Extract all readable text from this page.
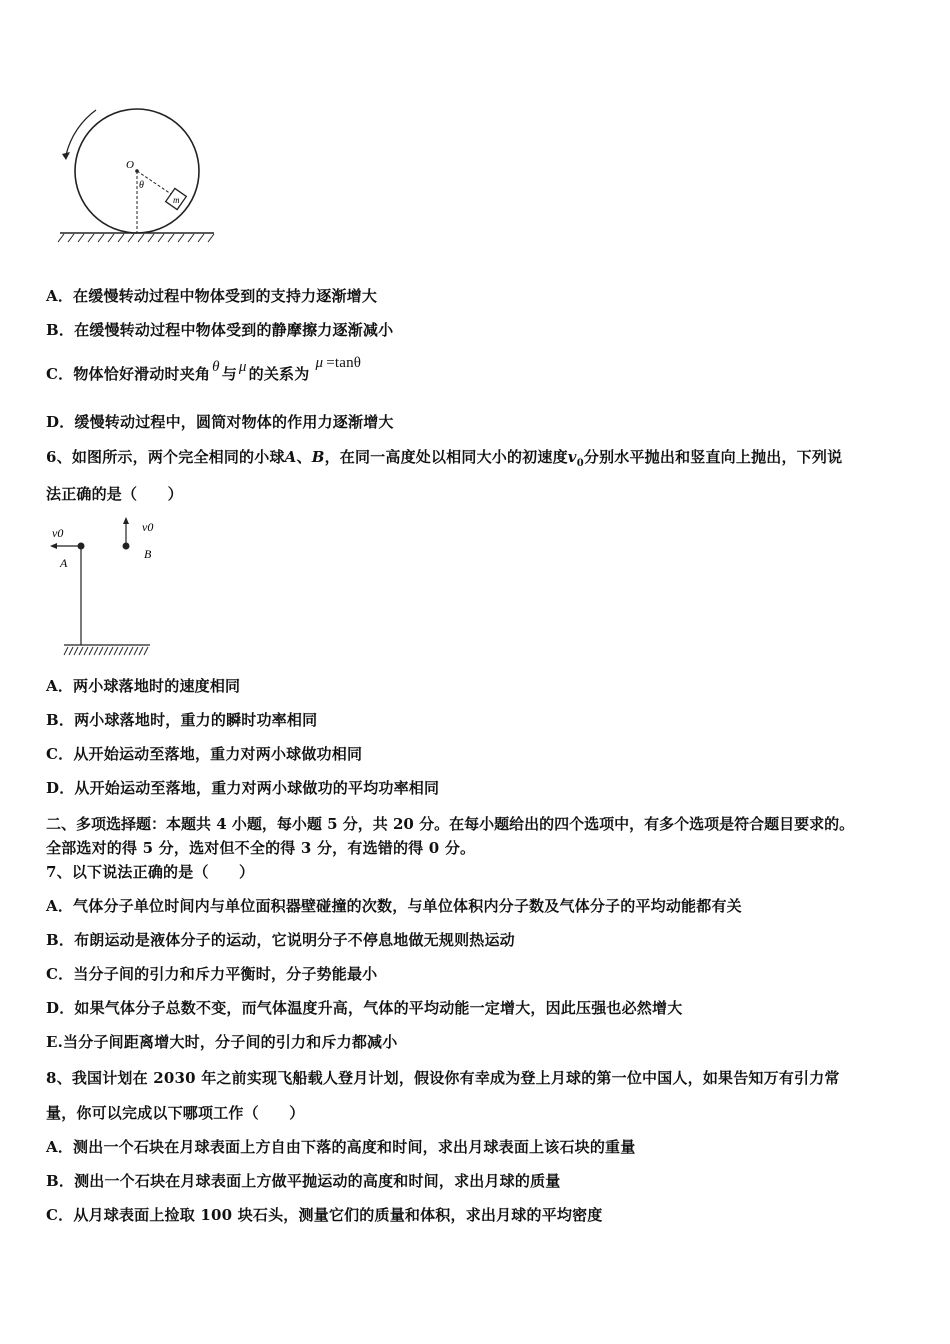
O
θ
m
A．在缓慢转动过程中物体受到的支持力逐渐增大
B．在缓慢转动过程中物体受到的静摩擦力逐渐减小
C．物体恰好滑动时夹角 θ 与 μ 的关系为μ =tanθ
D．缓慢转动过程中，圆筒对物体的作用力逐渐增大
6、如图所示，两个完全相同的小球A、B，在同一高度处以相同大小的初速度$v_0$分别水平抛出和竖直向上抛出，下列说
法正确的是（　　）
v0
A
v0
B
A．两小球落地时的速度相同
B．两小球落地时，重力的瞬时功率相同
C．从开始运动至落地，重力对两小球做功相同
D．从开始运动至落地，重力对两小球做功的平均功率相同
二、多项选择题：本题共 4 小题，每小题 5 分，共 20 分。在每小题给出的四个选项中，有多个选项是符合题目要求的。
全部选对的得 5 分，选对但不全的得 3 分，有选错的得 0 分。
7、以下说法正确的是（　　）
A．气体分子单位时间内与单位面积器壁碰撞的次数，与单位体积内分子数及气体分子的平均动能都有关
B．布朗运动是液体分子的运动，它说明分子不停息地做无规则热运动
C．当分子间的引力和斥力平衡时，分子势能最小
D．如果气体分子总数不变，而气体温度升高，气体的平均动能一定增大，因此压强也必然增大
E.当分子间距离增大时，分子间的引力和斥力都减小
8、我国计划在 2030 年之前实现飞船载人登月计划，假设你有幸成为登上月球的第一位中国人，如果告知万有引力常
量，你可以完成以下哪项工作（　　）
A．测出一个石块在月球表面上方自由下落的高度和时间，求出月球表面上该石块的重量
B．测出一个石块在月球表面上方做平抛运动的高度和时间，求出月球的质量
C．从月球表面上捡取 100 块石头，测量它们的质量和体积，求出月球的平均密度
